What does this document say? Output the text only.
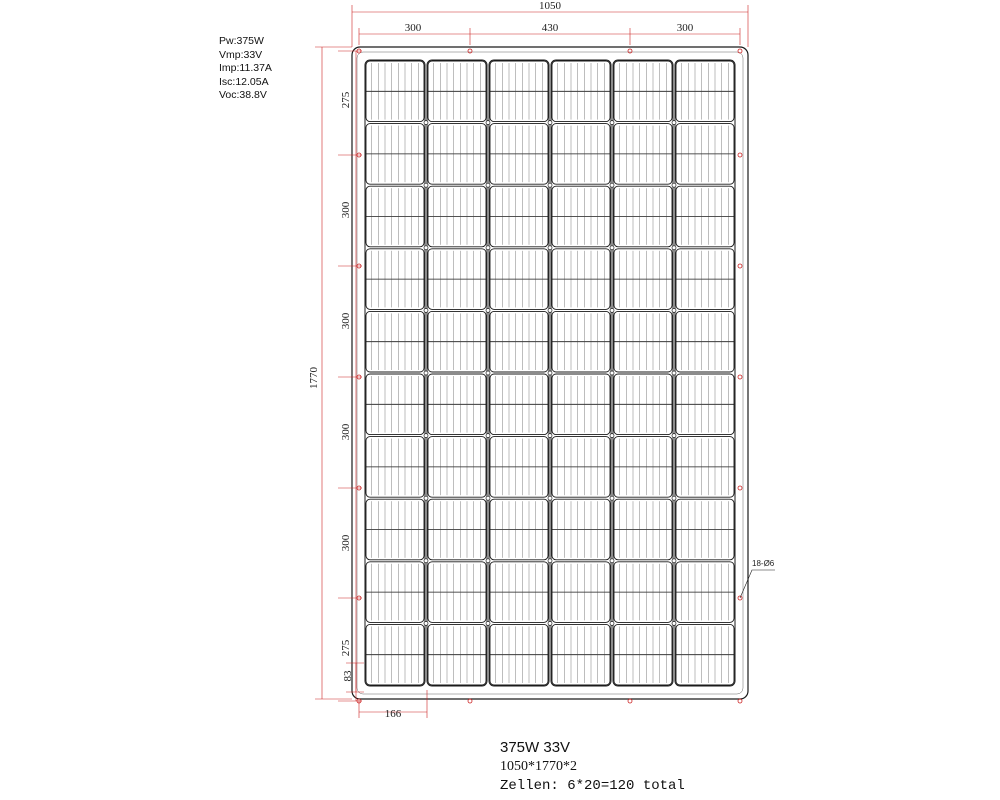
Pw:375W
Vmp:33V
Imp:11.37A
Isc:12.05A
Voc:38.8V
1050
300	430	300
1770
275
300
300
300
300
275
83
166
18-Ø6
375W 33V
1050*1770*2
Zellen: 6*20=120 total
